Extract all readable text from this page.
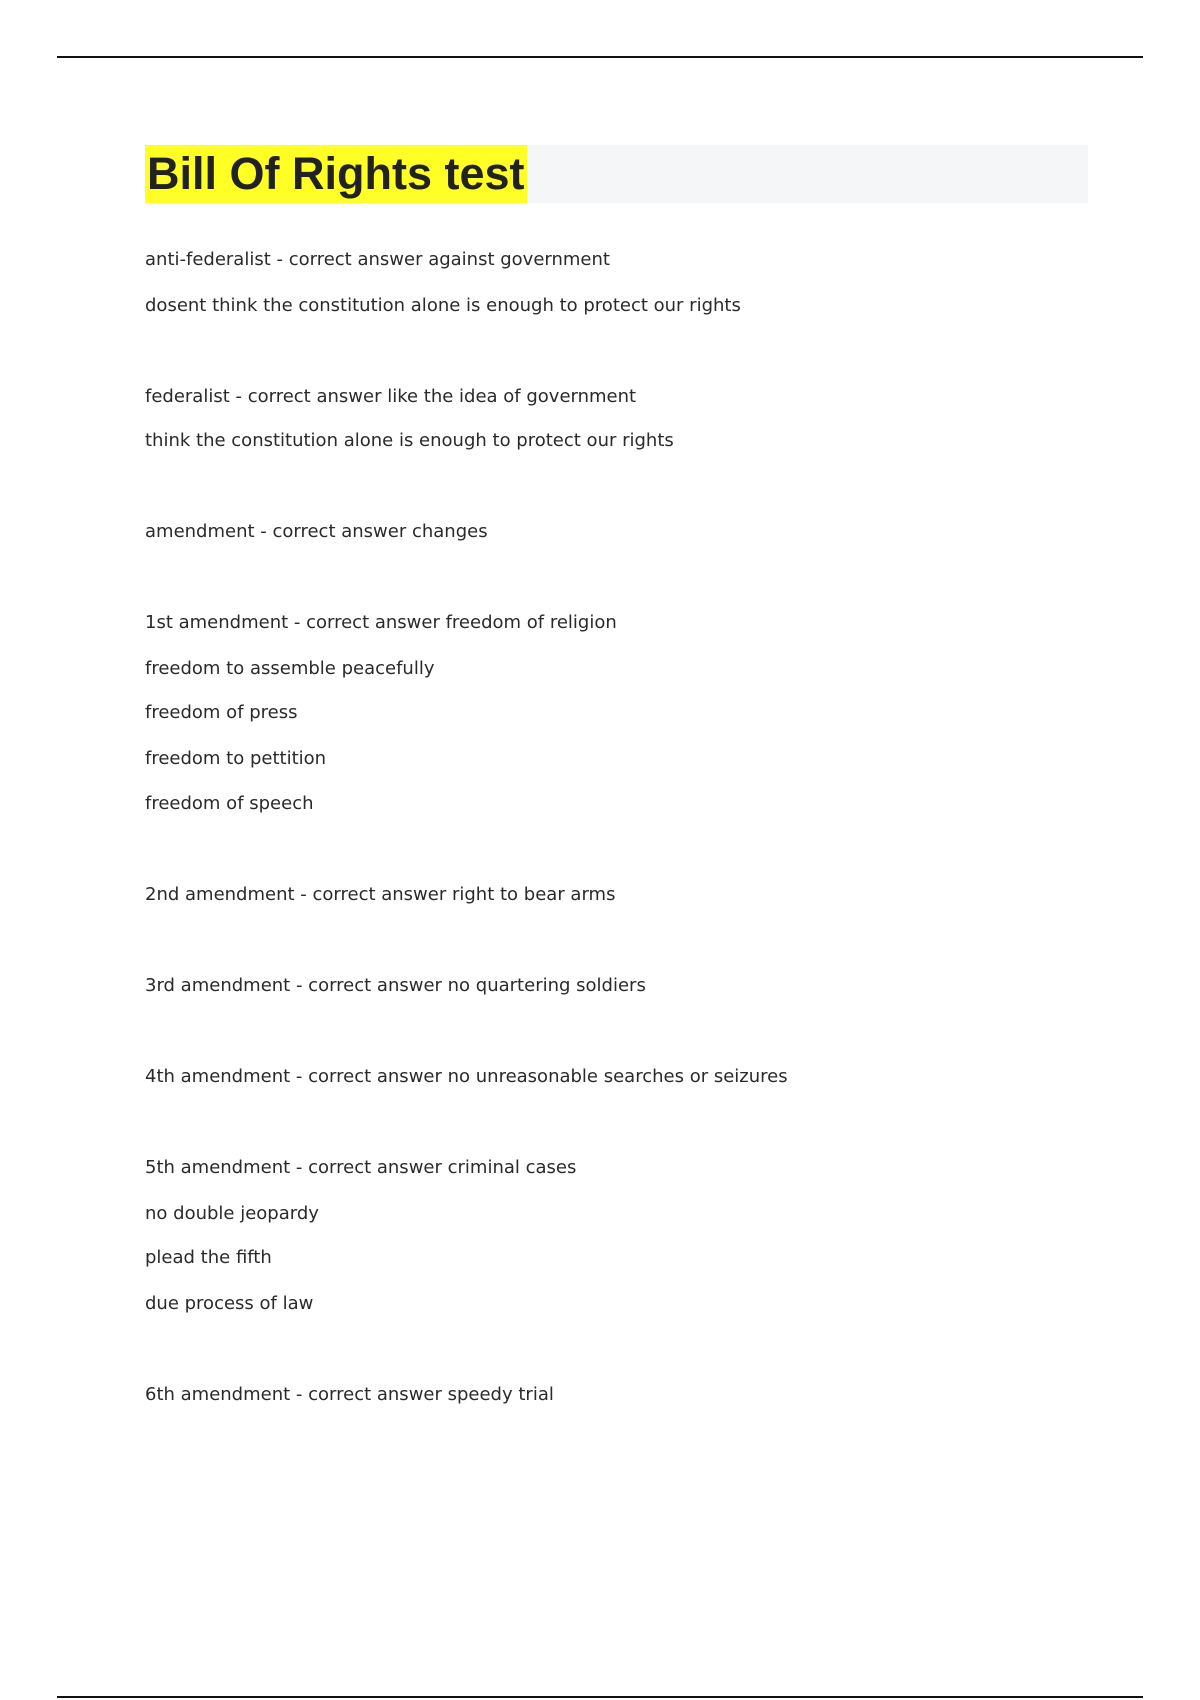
Bill Of Rights test
anti-federalist - correct answer against government
dosent think the constitution alone is enough to protect our rights
federalist - correct answer like the idea of government
think the constitution alone is enough to protect our rights
amendment - correct answer changes
1st amendment - correct answer freedom of religion
freedom to assemble peacefully
freedom of press
freedom to pettition
freedom of speech
2nd amendment - correct answer right to bear arms
3rd amendment - correct answer no quartering soldiers
4th amendment - correct answer no unreasonable searches or seizures
5th amendment - correct answer criminal cases
no double jeopardy
plead the fifth
due process of law
6th amendment - correct answer speedy trial
